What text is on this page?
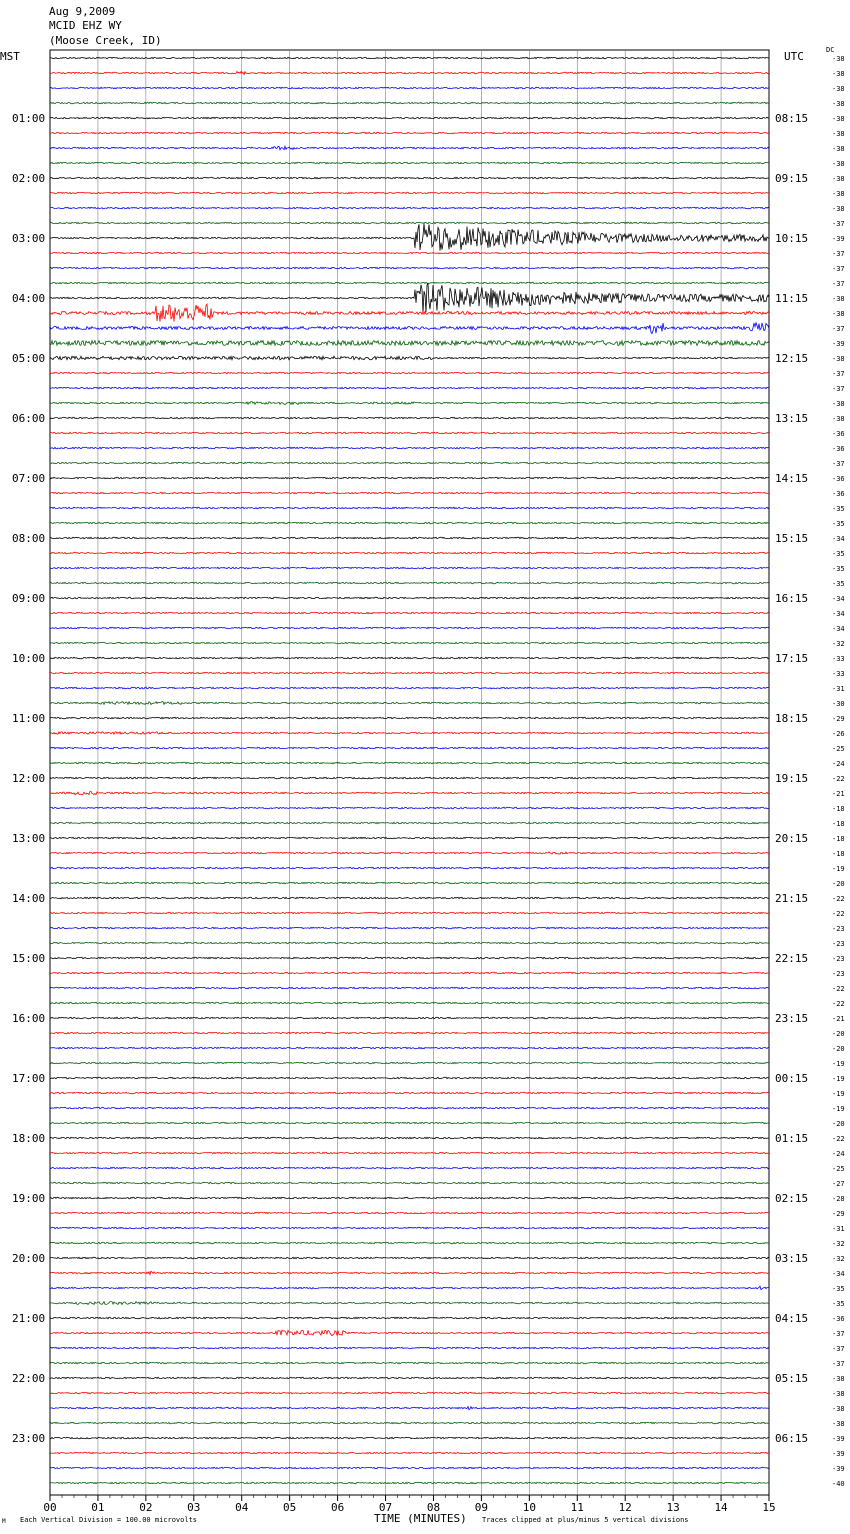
Aug 9,2009
MCID EHZ WY
(Moose Creek, ID)
MST	UTC	DC
00	01	02	03	04	05	06	07	08	09	10	11	12	13	14	15
-38
-38
-38
-38
-38
-38
-38
-38
-38
-38
-38
-37
-39
-37
-37
-37
-38
-38
-37
-39
-38
-37
-37
-38
-38
-36
-36
-37
-36
-36
-35
-35
-34
-35
-35
-35
-34
-34
-34
-32
-33
-33
-31
-30
-29
-26
-25
-24
-22
-21
-18
-18
-18
-18
-19
-20
-22
-22
-23
-23
-23
-23
-22
-22
-21
-20
-20
-19
-19
-19
-19
-20
-22
-24
-25
-27
-28
-29
-31
-32
-32
-34
-35
-35
-36
-37
-37
-37
-38
-38
-38
-38
-39
-39
-39
-40
01:00
02:00
03:00
04:00
05:00
06:00
07:00
08:00
09:00
10:00
11:00
12:00
13:00
14:00
15:00
16:00
17:00
18:00
19:00
20:00
21:00
22:00
23:00
08:15
09:15
10:15
11:15
12:15
13:15
14:15
15:15
16:15
17:15
18:15
19:15
20:15
21:15
22:15
23:15
00:15
01:15
02:15
03:15
04:15
05:15
06:15
TIME (MINUTES)
Each Vertical Division = 100.00 microvolts	Traces clipped at plus/minus 5 vertical divisions
M
